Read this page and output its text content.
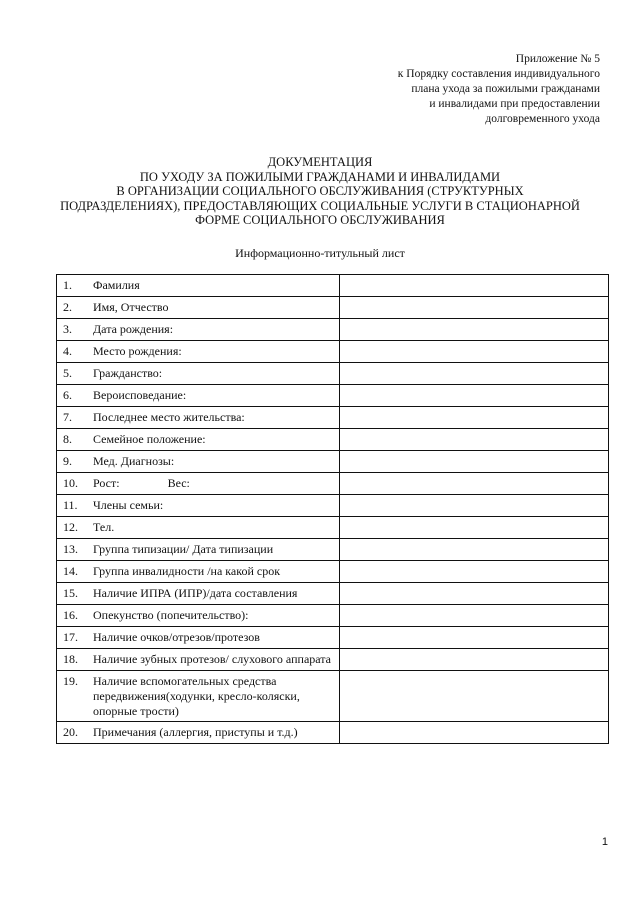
Приложение № 5
к Порядку составления индивидуального
плана ухода за пожилыми гражданами
и инвалидами при предоставлении
долговременного ухода
ДОКУМЕНТАЦИЯ
ПО УХОДУ ЗА ПОЖИЛЫМИ ГРАЖДАНАМИ И ИНВАЛИДАМИ
В ОРГАНИЗАЦИИ СОЦИАЛЬНОГО ОБСЛУЖИВАНИЯ (СТРУКТУРНЫХ
ПОДРАЗДЕЛЕНИЯХ), ПРЕДОСТАВЛЯЮЩИХ СОЦИАЛЬНЫЕ УСЛУГИ В СТАЦИОНАРНОЙ
ФОРМЕ СОЦИАЛЬНОГО ОБСЛУЖИВАНИЯ
Информационно-титульный лист
1. Фамилия	

2. Имя, Отчество	

3. Дата рождения:	

4. Место рождения:	

5. Гражданство:	

6. Вероисповедание:	

7. Последнее место жительства:	

8. Семейное положение:	

9. Мед. Диагнозы:	

10. Рост:                Вес:	

11. Члены семьи:	

12. Тел.	

13. Группа типизации/ Дата типизации	

14. Группа инвалидности /на какой срок	

15. Наличие ИПРА (ИПР)/дата составления	

16. Опекунство (попечительство):	

17. Наличие очков/отрезов/протезов	

18. Наличие зубных протезов/ слухового аппарата	

19. Наличие вспомогательных средства передвижения(ходунки, кресло-коляски, опорные трости)	

20. Примечания (аллергия, приступы и т.д.)	

1
